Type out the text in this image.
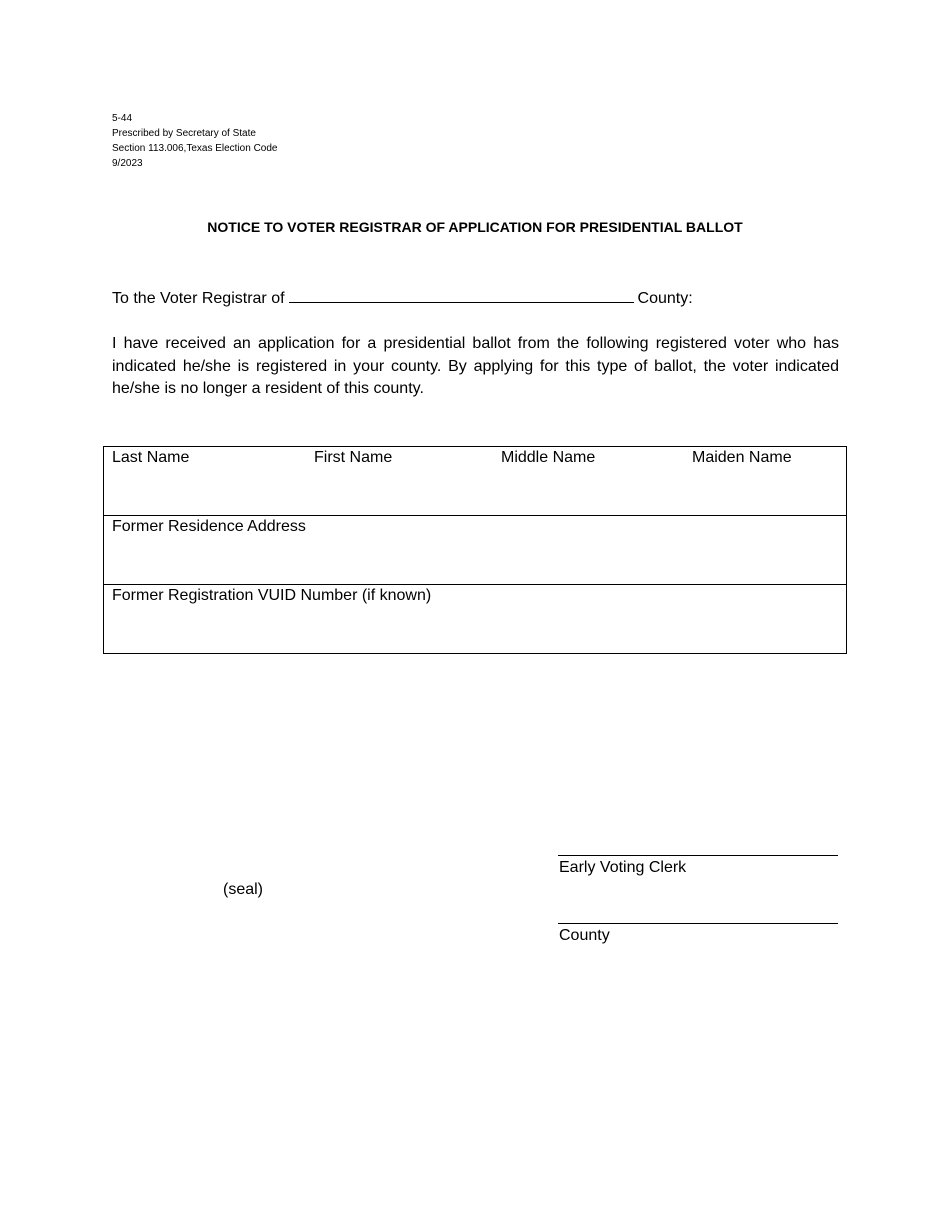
5-44
Prescribed by Secretary of State
Section 113.006,Texas Election Code
9/2023
NOTICE TO VOTER REGISTRAR OF APPLICATION FOR PRESIDENTIAL BALLOT
To the Voter Registrar of	County:
I have received an application for a presidential ballot from the following registered voter who has indicated he/she is registered in your county. By applying for this type of ballot, the voter indicated he/she is no longer a resident of this county.
Last Name	First Name	Middle Name	Maiden Name
Former Residence Address
Former Registration VUID Number (if known)
(seal)
Early Voting Clerk
County
